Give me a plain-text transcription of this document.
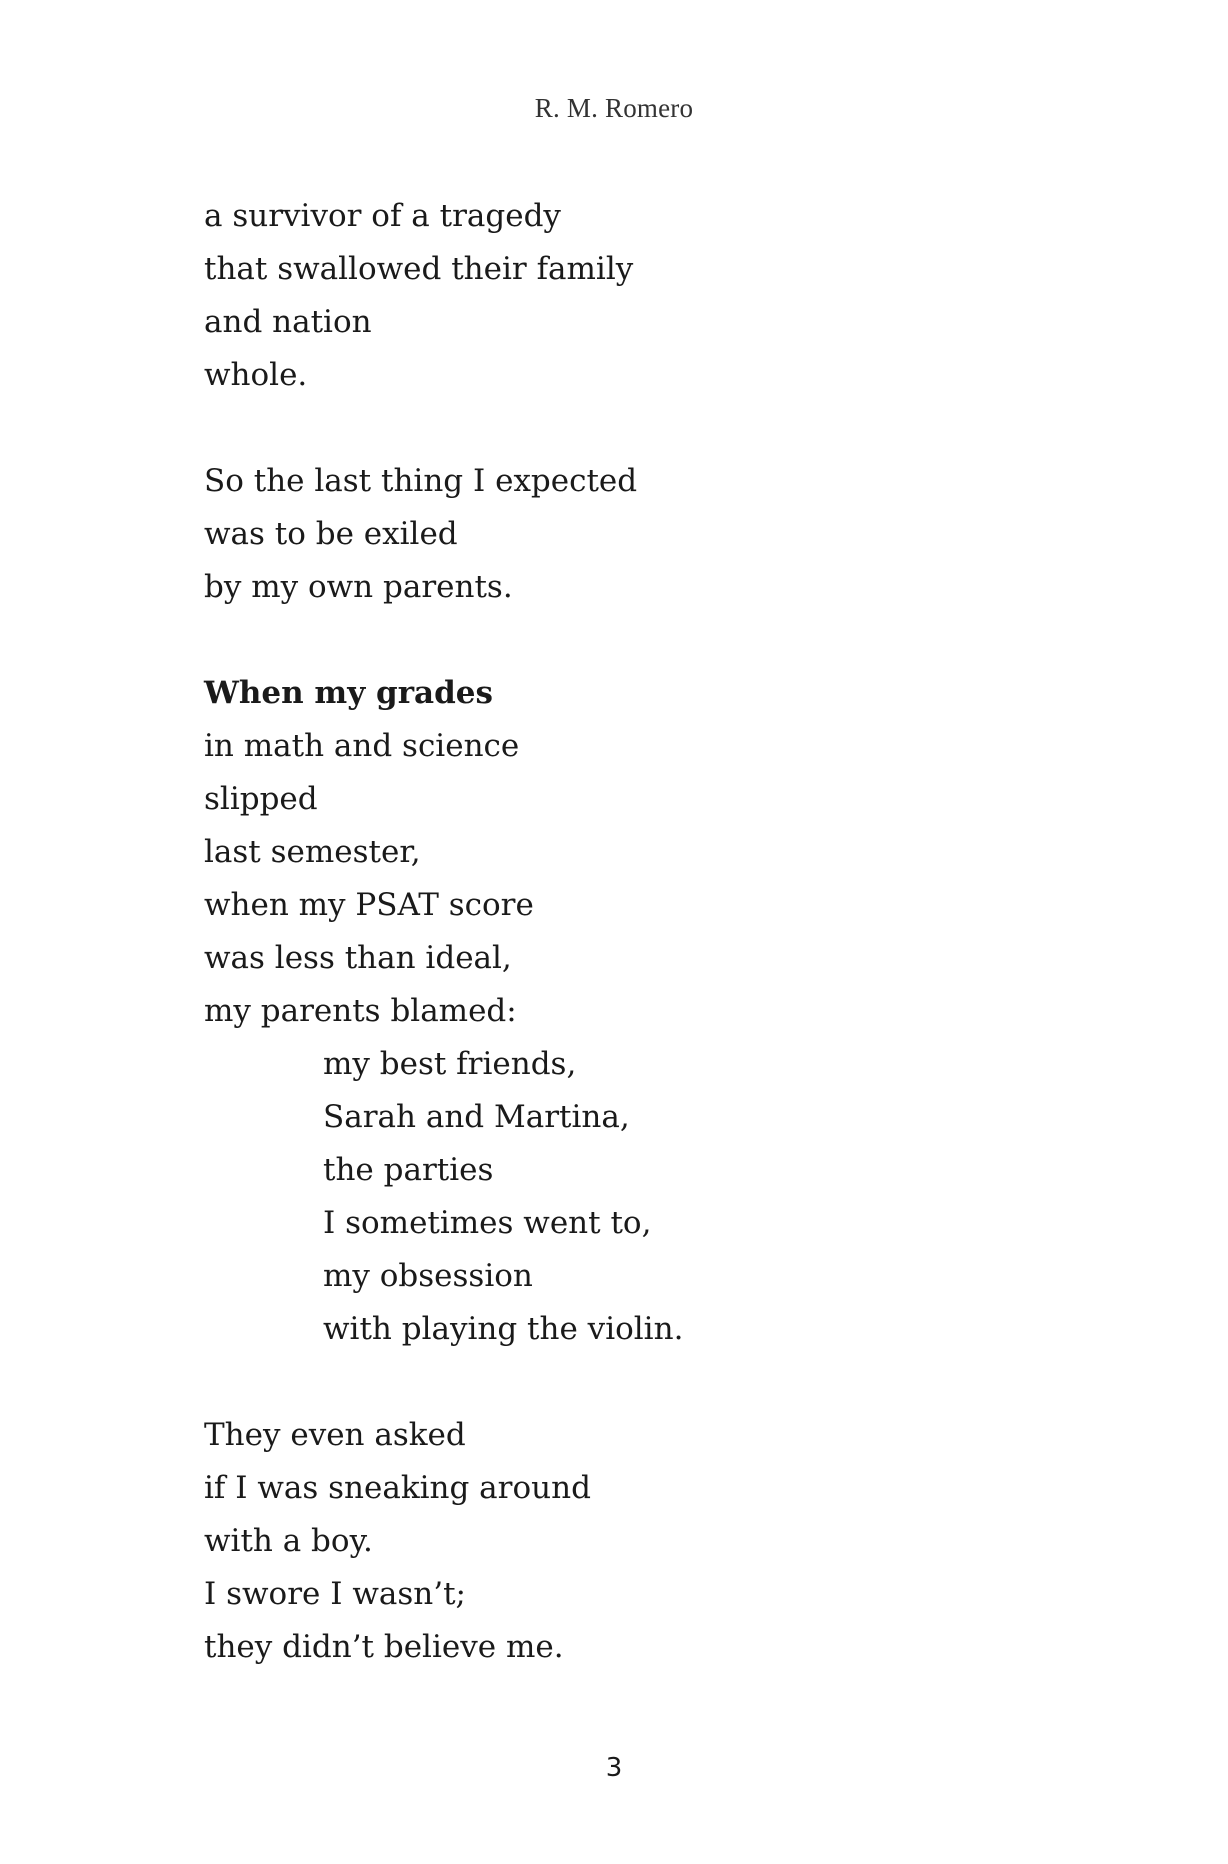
R. M. Romero
a survivor of a tragedy
that swallowed their family
and nation
whole.
So the last thing I expected
was to be exiled
by my own parents.
When my grades
in math and science
slipped
last semester,
when my PSAT score
was less than ideal,
my parents blamed:
my best friends,
Sarah and Martina,
the parties
I sometimes went to,
my obsession
with playing the violin.
They even asked
if I was sneaking around
with a boy.
I swore I wasn’t;
they didn’t believe me.
3
